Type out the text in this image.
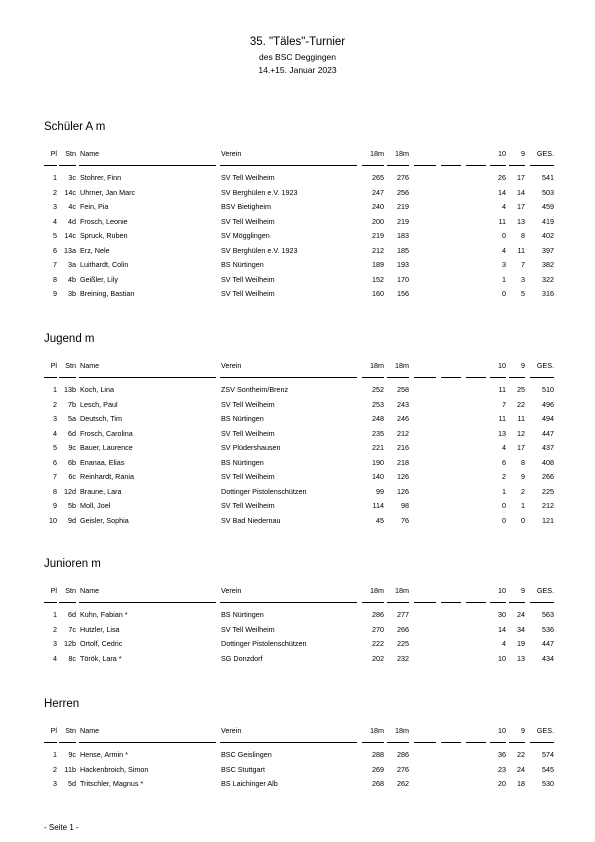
35. "Täles"-Turnier
des BSC Deggingen
14.+15. Januar 2023
Schüler A m
Pl	Stn Name	Verein	18m	18m	10	9	GES.
1	3c Stohrer, Finn	SV Tell Weilheim	265	276	26	17	541
2	14c Uhrner, Jan Marc	SV Berghülen e.V. 1923	247	256	14	14	503
3	4c Fein, Pia	BSV Bietigheim	240	219	4	17	459
4	4d Frosch, Leonie	SV Tell Weilheim	200	219	11	13	419
5	14c Spruck, Ruben	SV Mögglingen	219	183	0	8	402
6 13a Erz, Nele	SV Berghülen e.V. 1923	212	185	4	11	397
7	3a Luithardt, Colin	BS Nürtingen	189	193	3	7	382
8	4b Geißler, Lily	SV Tell Weilheim	152	170	1	3	322
9	3b Breining, Bastian	SV Tell Weilheim	160	156	0	5	316
Jugend m
Pl	Stn Name	Verein	18m	18m	10	9	GES.
1 13b Koch, Lina	ZSV Sontheim/Brenz	252	258	11	25	510
2	7b Lesch, Paul	SV Tell Weilheim	253	243	7	22	496
3	5a Deutsch, Tim	BS Nürtingen	248	246	11	11	494
4	6d Frosch, Carolina	SV Tell Weilheim	235	212	13	12	447
5	9c Bauer, Laurence	SV Plüdershausen	221	216	4	17	437
6	6b Enanaa, Elias	BS Nürtingen	190	218	6	8	408
7	6c Reinhardt, Rania	SV Tell Weilheim	140	126	2	9	266
8 12d Braune, Lara	Dottinger Pistolenschützen	99	126	1	2	225
9	5b Moll, Joel	SV Tell Weilheim	114	98	0	1	212
10	9d Geisler, Sophia	SV Bad Niedernau	45	76	0	0	121
Junioren m
Pl	Stn Name	Verein	18m	18m	10	9	GES.
1	6d Kuhn, Fabian *	BS Nürtingen	286	277	30	24	563
2	7c Hutzler, Lisa	SV Tell Weilheim	270	266	14	34	536
3 12b Ortolf, Cedric	Dottinger Pistolenschützen	222	225	4	19	447
4	8c Török, Lara *	SG Donzdorf	202	232	10	13	434
Herren
Pl	Stn Name	Verein	18m	18m	10	9	GES.
1	9c Hense, Armin *	BSC Geislingen	288	286	36	22	574
2	11b Hackenbroich, Simon	BSC Stuttgart	269	276	23	24	545
3	5d Tritschler, Magnus *	BS Laichinger Alb	268	262	20	18	530
- Seite 1 -
